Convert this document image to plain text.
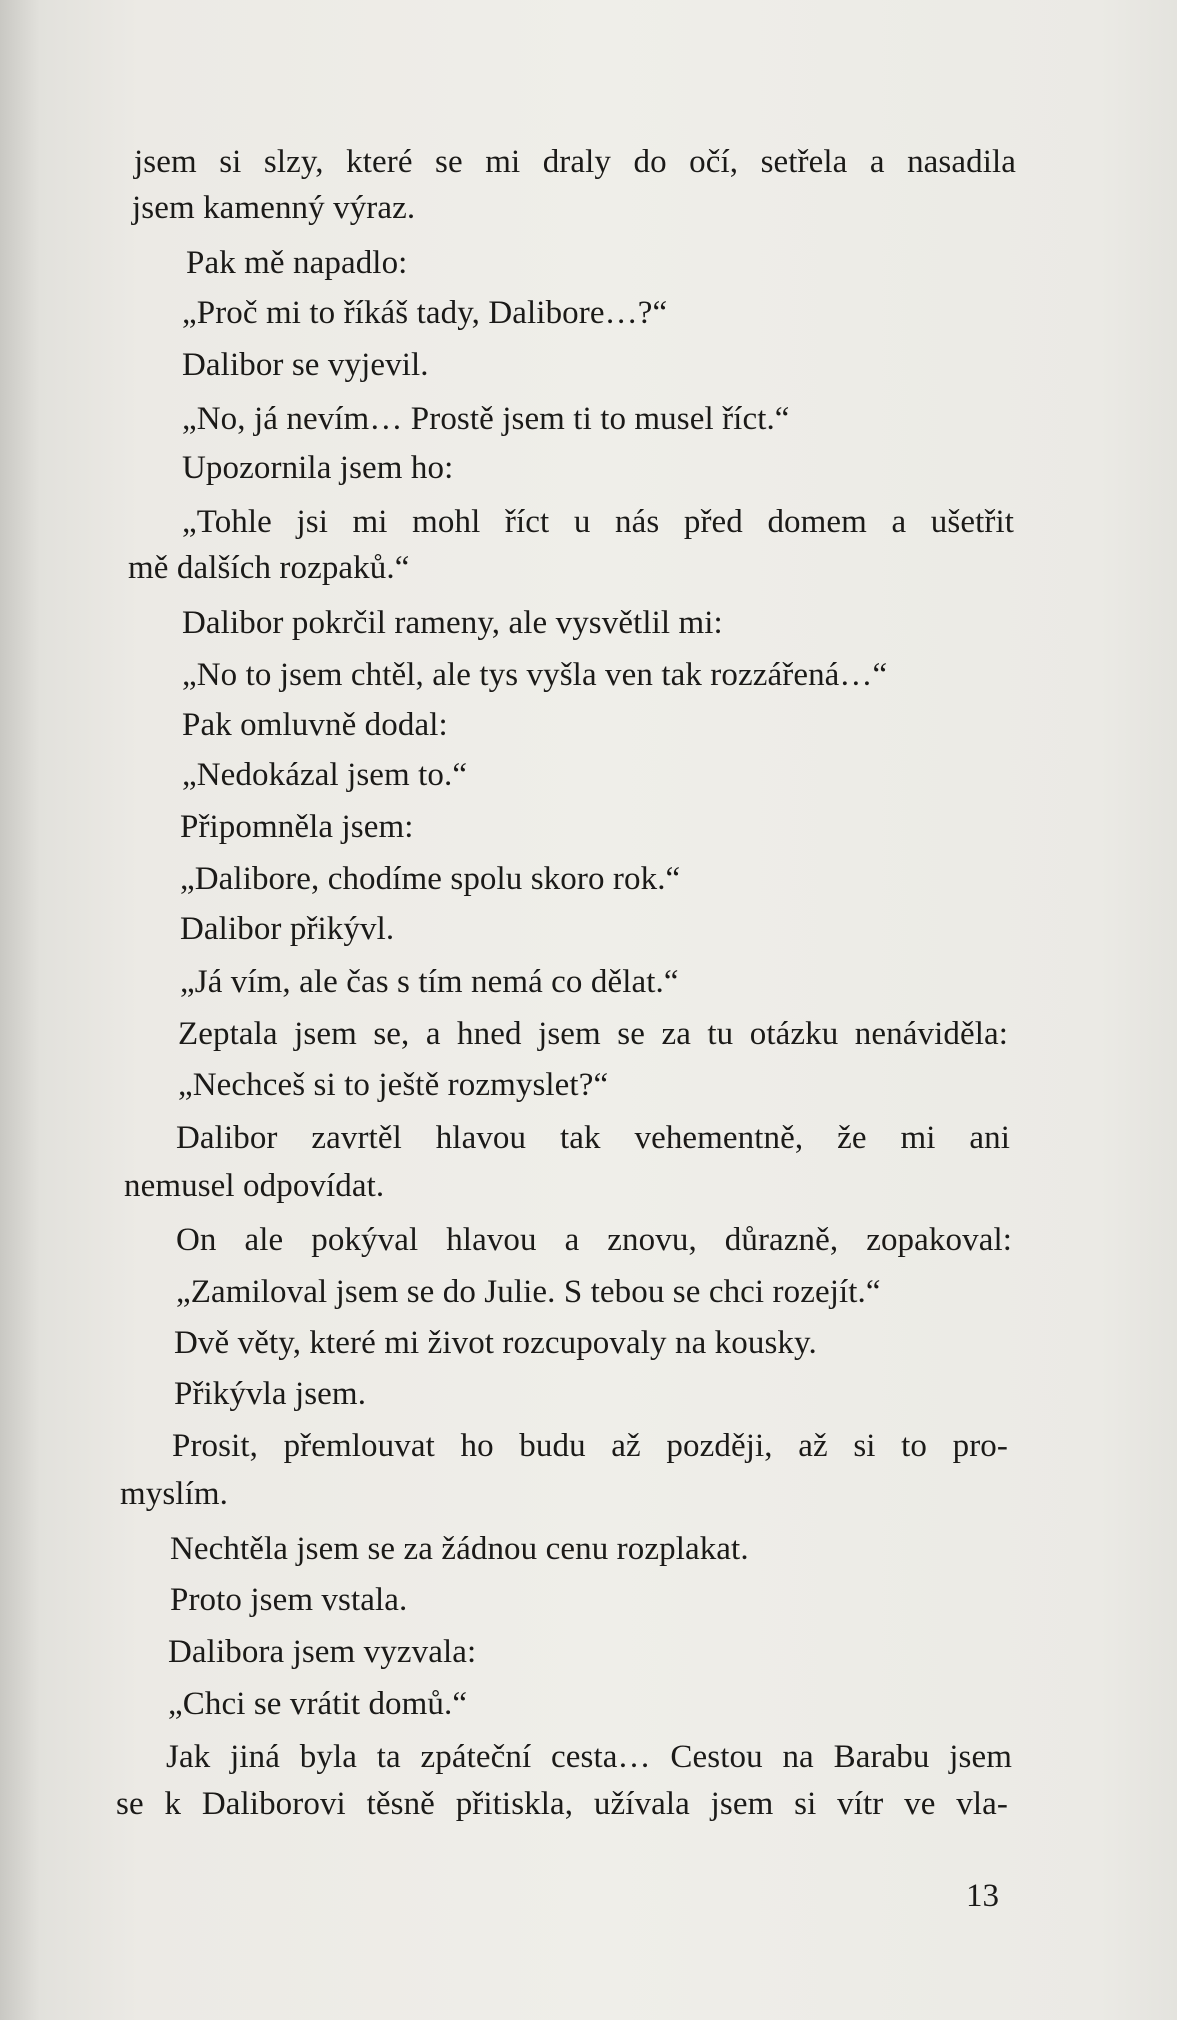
jsem si slzy, které se mi draly do očí, setřela a nasadila
jsem kamenný výraz.
Pak mě napadlo:
„Proč mi to říkáš tady, Dalibore…?“
Dalibor se vyjevil.
„No, já nevím… Prostě jsem ti to musel říct.“
Upozornila jsem ho:
„Tohle jsi mi mohl říct u nás před domem a ušetřit
mě dalších rozpaků.“
Dalibor pokrčil rameny, ale vysvětlil mi:
„No to jsem chtěl, ale tys vyšla ven tak rozzářená…“
Pak omluvně dodal:
„Nedokázal jsem to.“
Připomněla jsem:
„Dalibore, chodíme spolu skoro rok.“
Dalibor přikývl.
„Já vím, ale čas s tím nemá co dělat.“
Zeptala jsem se, a hned jsem se za tu otázku nenáviděla:
„Nechceš si to ještě rozmyslet?“
Dalibor zavrtěl hlavou tak vehementně, že mi ani
nemusel odpovídat.
On ale pokýval hlavou a znovu, důrazně, zopakoval:
„Zamiloval jsem se do Julie. S tebou se chci rozejít.“
Dvě věty, které mi život rozcupovaly na kousky.
Přikývla jsem.
Prosit, přemlouvat ho budu až později, až si to pro-
myslím.
Nechtěla jsem se za žádnou cenu rozplakat.
Proto jsem vstala.
Dalibora jsem vyzvala:
„Chci se vrátit domů.“
Jak jiná byla ta zpáteční cesta… Cestou na Barabu jsem
se k Daliborovi těsně přitiskla, užívala jsem si vítr ve vla-
13
